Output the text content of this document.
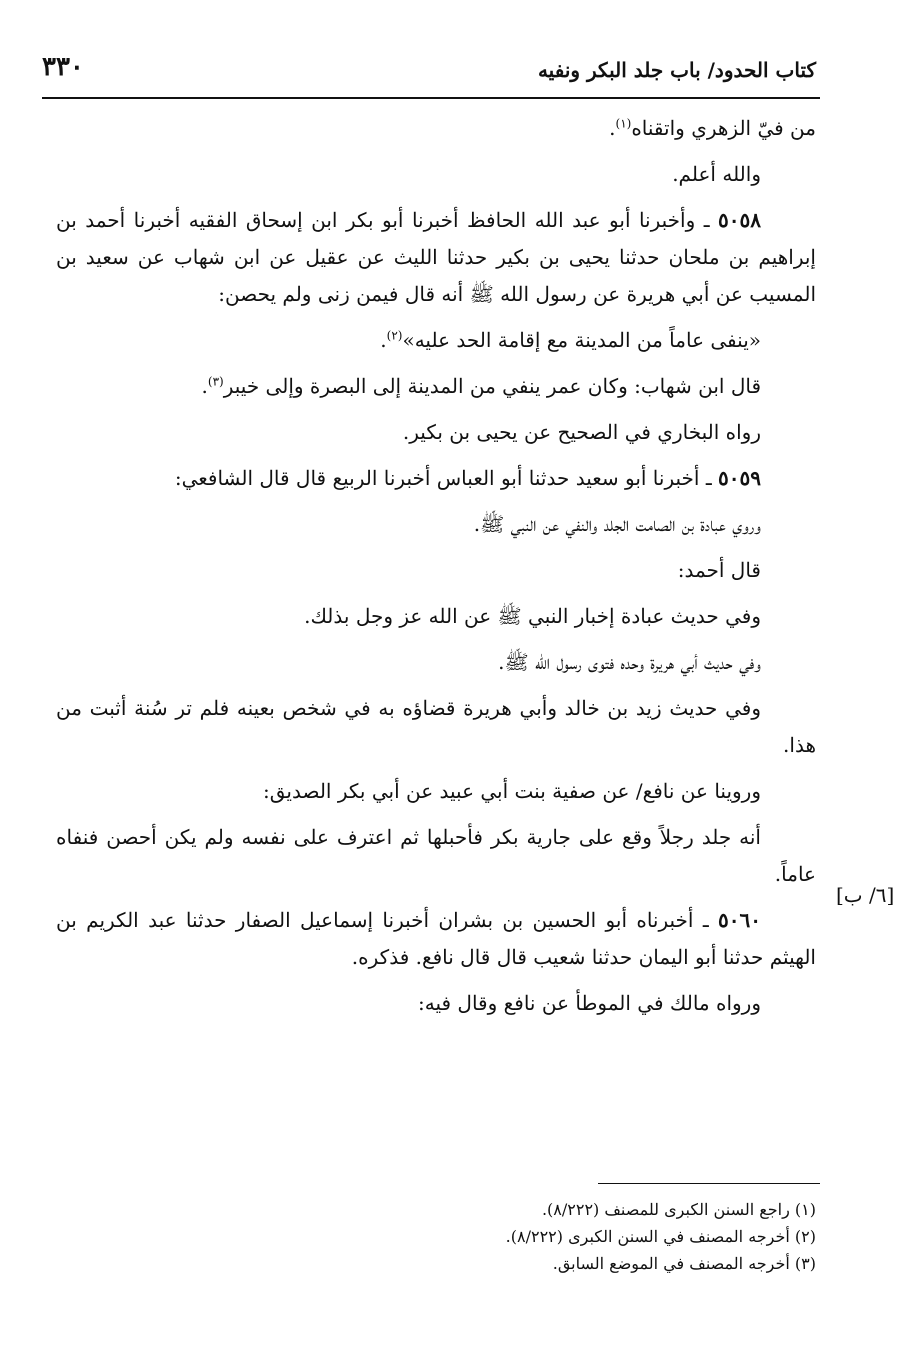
كتاب الحدود/ باب جلد البكر ونفيه
٣٣٠

من فيّ الزهري واتقناه$^{(١)}$.

والله أعلم.

٥٠٥٨ ـ وأخبرنا أبو عبد الله الحافظ أخبرنا أبو بكر ابن إسحاق الفقيه أخبرنا أحمد بن إبراهيم بن ملحان حدثنا يحيى بن بكير حدثنا الليث عن عقيل عن ابن شهاب عن سعيد بن المسيب عن أبي هريرة عن رسول الله ﷺ أنه قال فيمن زنى ولم يحصن:

«ينفى عاماً من المدينة مع إقامة الحد عليه»$^{(٢)}$.

قال ابن شهاب: وكان عمر ينفي من المدينة إلى البصرة وإلى خيبر$^{(٣)}$.

رواه البخاري في الصحيح عن يحيى بن بكير.

٥٠٥٩ ـ أخبرنا أبو سعيد حدثنا أبو العباس أخبرنا الربيع قال قال الشافعي:

وروي عبادة بن الصامت الجلد والنفي عن النبي ﷺ.

قال أحمد:

وفي حديث عبادة إخبار النبي ﷺ عن الله عز وجل بذلك.

وفي حديث أبي هريرة وحده فتوى رسول الله ﷺ.

وفي حديث زيد بن خالد وأبي هريرة قضاؤه به في شخص بعينه فلم تر سُنة أثبت من هذا.

وروينا عن نافع/ عن صفية بنت أبي عبيد عن أبي بكر الصديق:

أنه جلد رجلاً وقع على جارية بكر فأحبلها ثم اعترف على نفسه ولم يكن أحصن فنفاه عاماً.

٥٠٦٠ ـ أخبرناه أبو الحسين بن بشران أخبرنا إسماعيل الصفار حدثنا عبد الكريم بن الهيثم حدثنا أبو اليمان حدثنا شعيب قال قال نافع. فذكره.

ورواه مالك في الموطأ عن نافع وقال فيه:

[٦/ ب]
(١) راجع السنن الكبرى للمصنف (٨/٢٢٢).
(٢) أخرجه المصنف في السنن الكبرى (٨/٢٢٢).
(٣) أخرجه المصنف في الموضع السابق.
